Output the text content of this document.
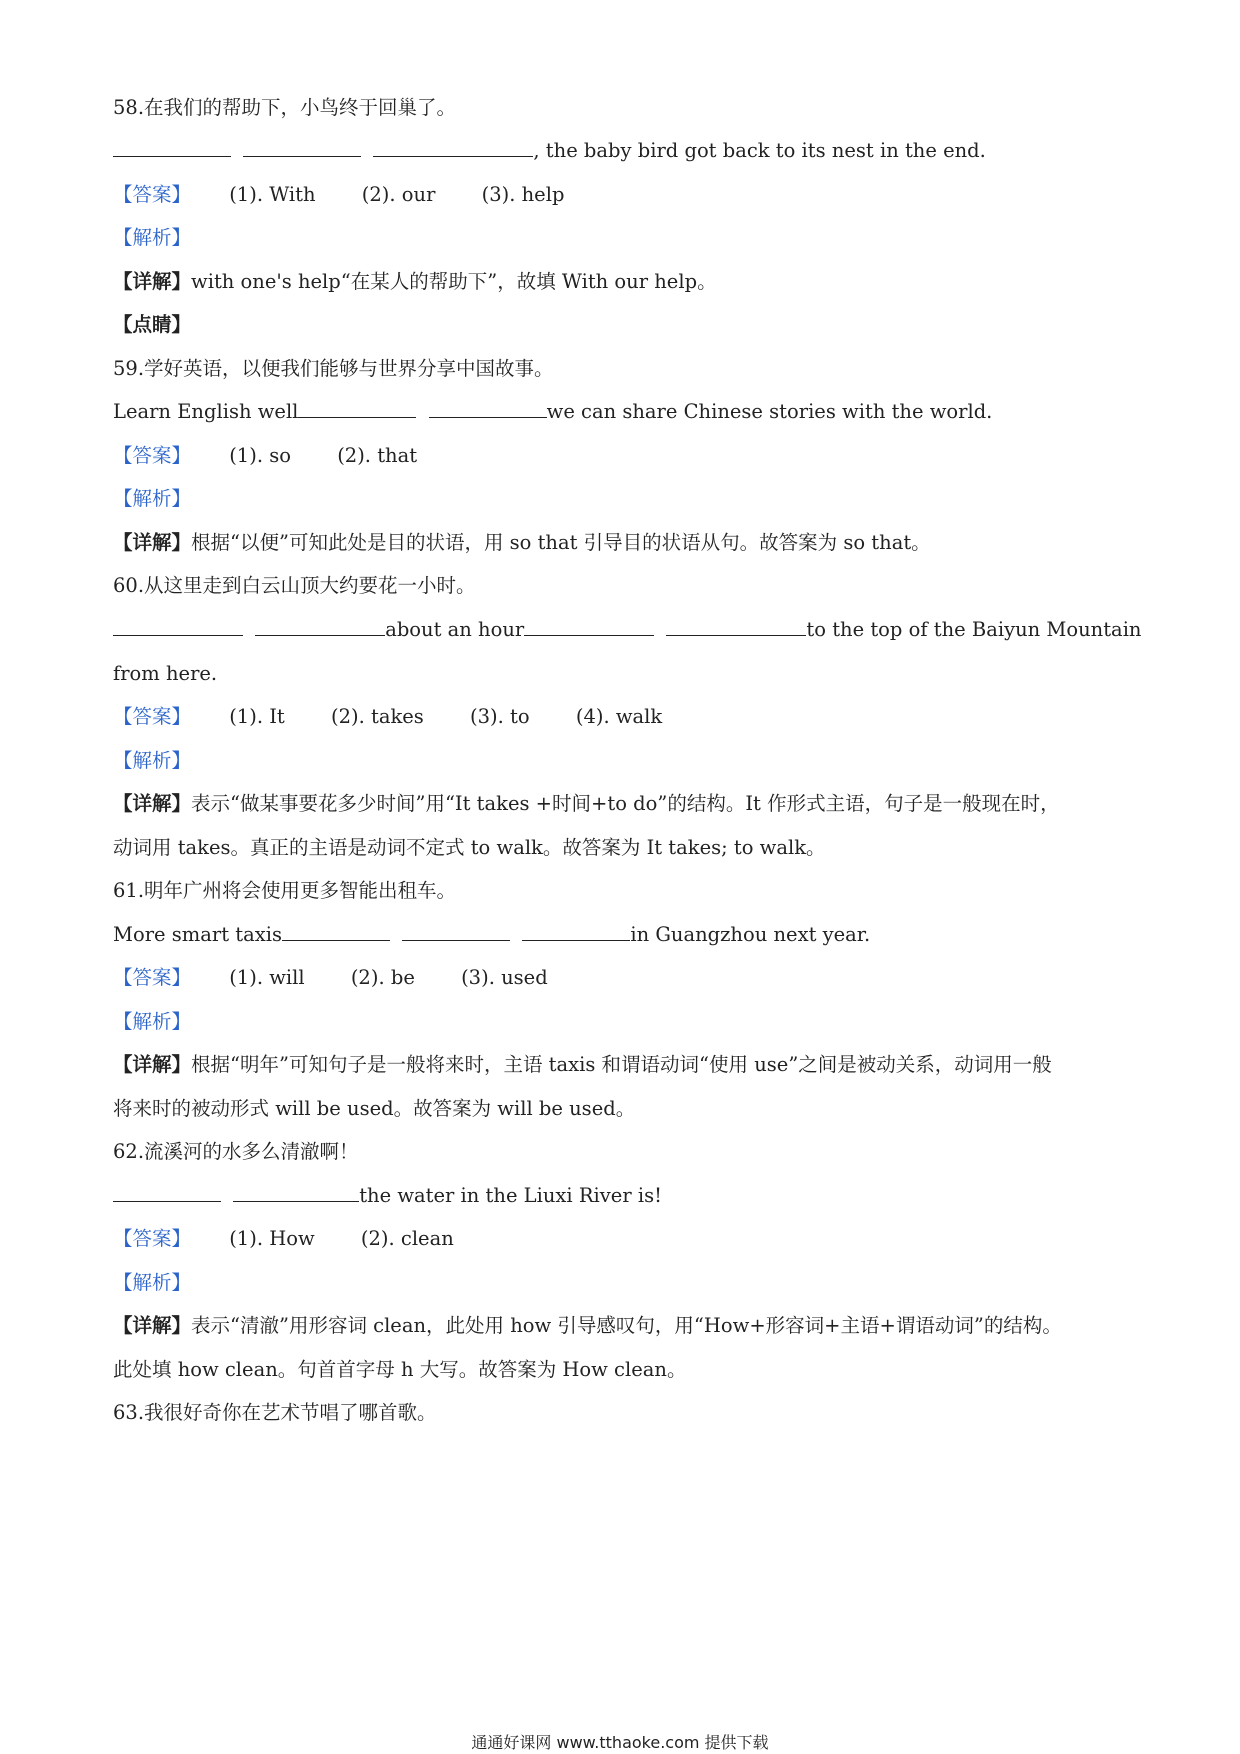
58.在我们的帮助下，小鸟终于回巢了。
, the baby bird got back to its nest in the end.
【答案】 (1). With (2). our (3). help
【解析】
【详解】with one's help“在某人的帮助下”，故填 With our help。
【点睛】
59.学好英语，以便我们能够与世界分享中国故事。
Learn English well	we can share Chinese stories with the world.
【答案】 (1). so (2). that
【解析】
【详解】根据“以便”可知此处是目的状语，用 so that 引导目的状语从句。故答案为 so that。
60.从这里走到白云山顶大约要花一小时。
about an hour	to the top of the Baiyun Mountain
from here.
【答案】 (1). It (2). takes (3). to (4). walk
【解析】
【详解】表示“做某事要花多少时间”用“It takes +时间+to do”的结构。It 作形式主语，句子是一般现在时，
动词用 takes。真正的主语是动词不定式 to walk。故答案为 It takes; to walk。
61.明年广州将会使用更多智能出租车。
More smart taxis	in Guangzhou next year.
【答案】 (1). will (2). be (3). used
【解析】
【详解】根据“明年”可知句子是一般将来时，主语 taxis 和谓语动词“使用 use”之间是被动关系，动词用一般
将来时的被动形式 will be used。故答案为 will be used。
62.流溪河的水多么清澈啊！
the water in the Liuxi River is!
【答案】 (1). How (2). clean
【解析】
【详解】表示“清澈”用形容词 clean，此处用 how 引导感叹句，用“How+形容词+主语+谓语动词”的结构。
此处填 how clean。句首首字母 h 大写。故答案为 How clean。
63.我很好奇你在艺术节唱了哪首歌。
通通好课网 www.tthaoke.com 提供下载
